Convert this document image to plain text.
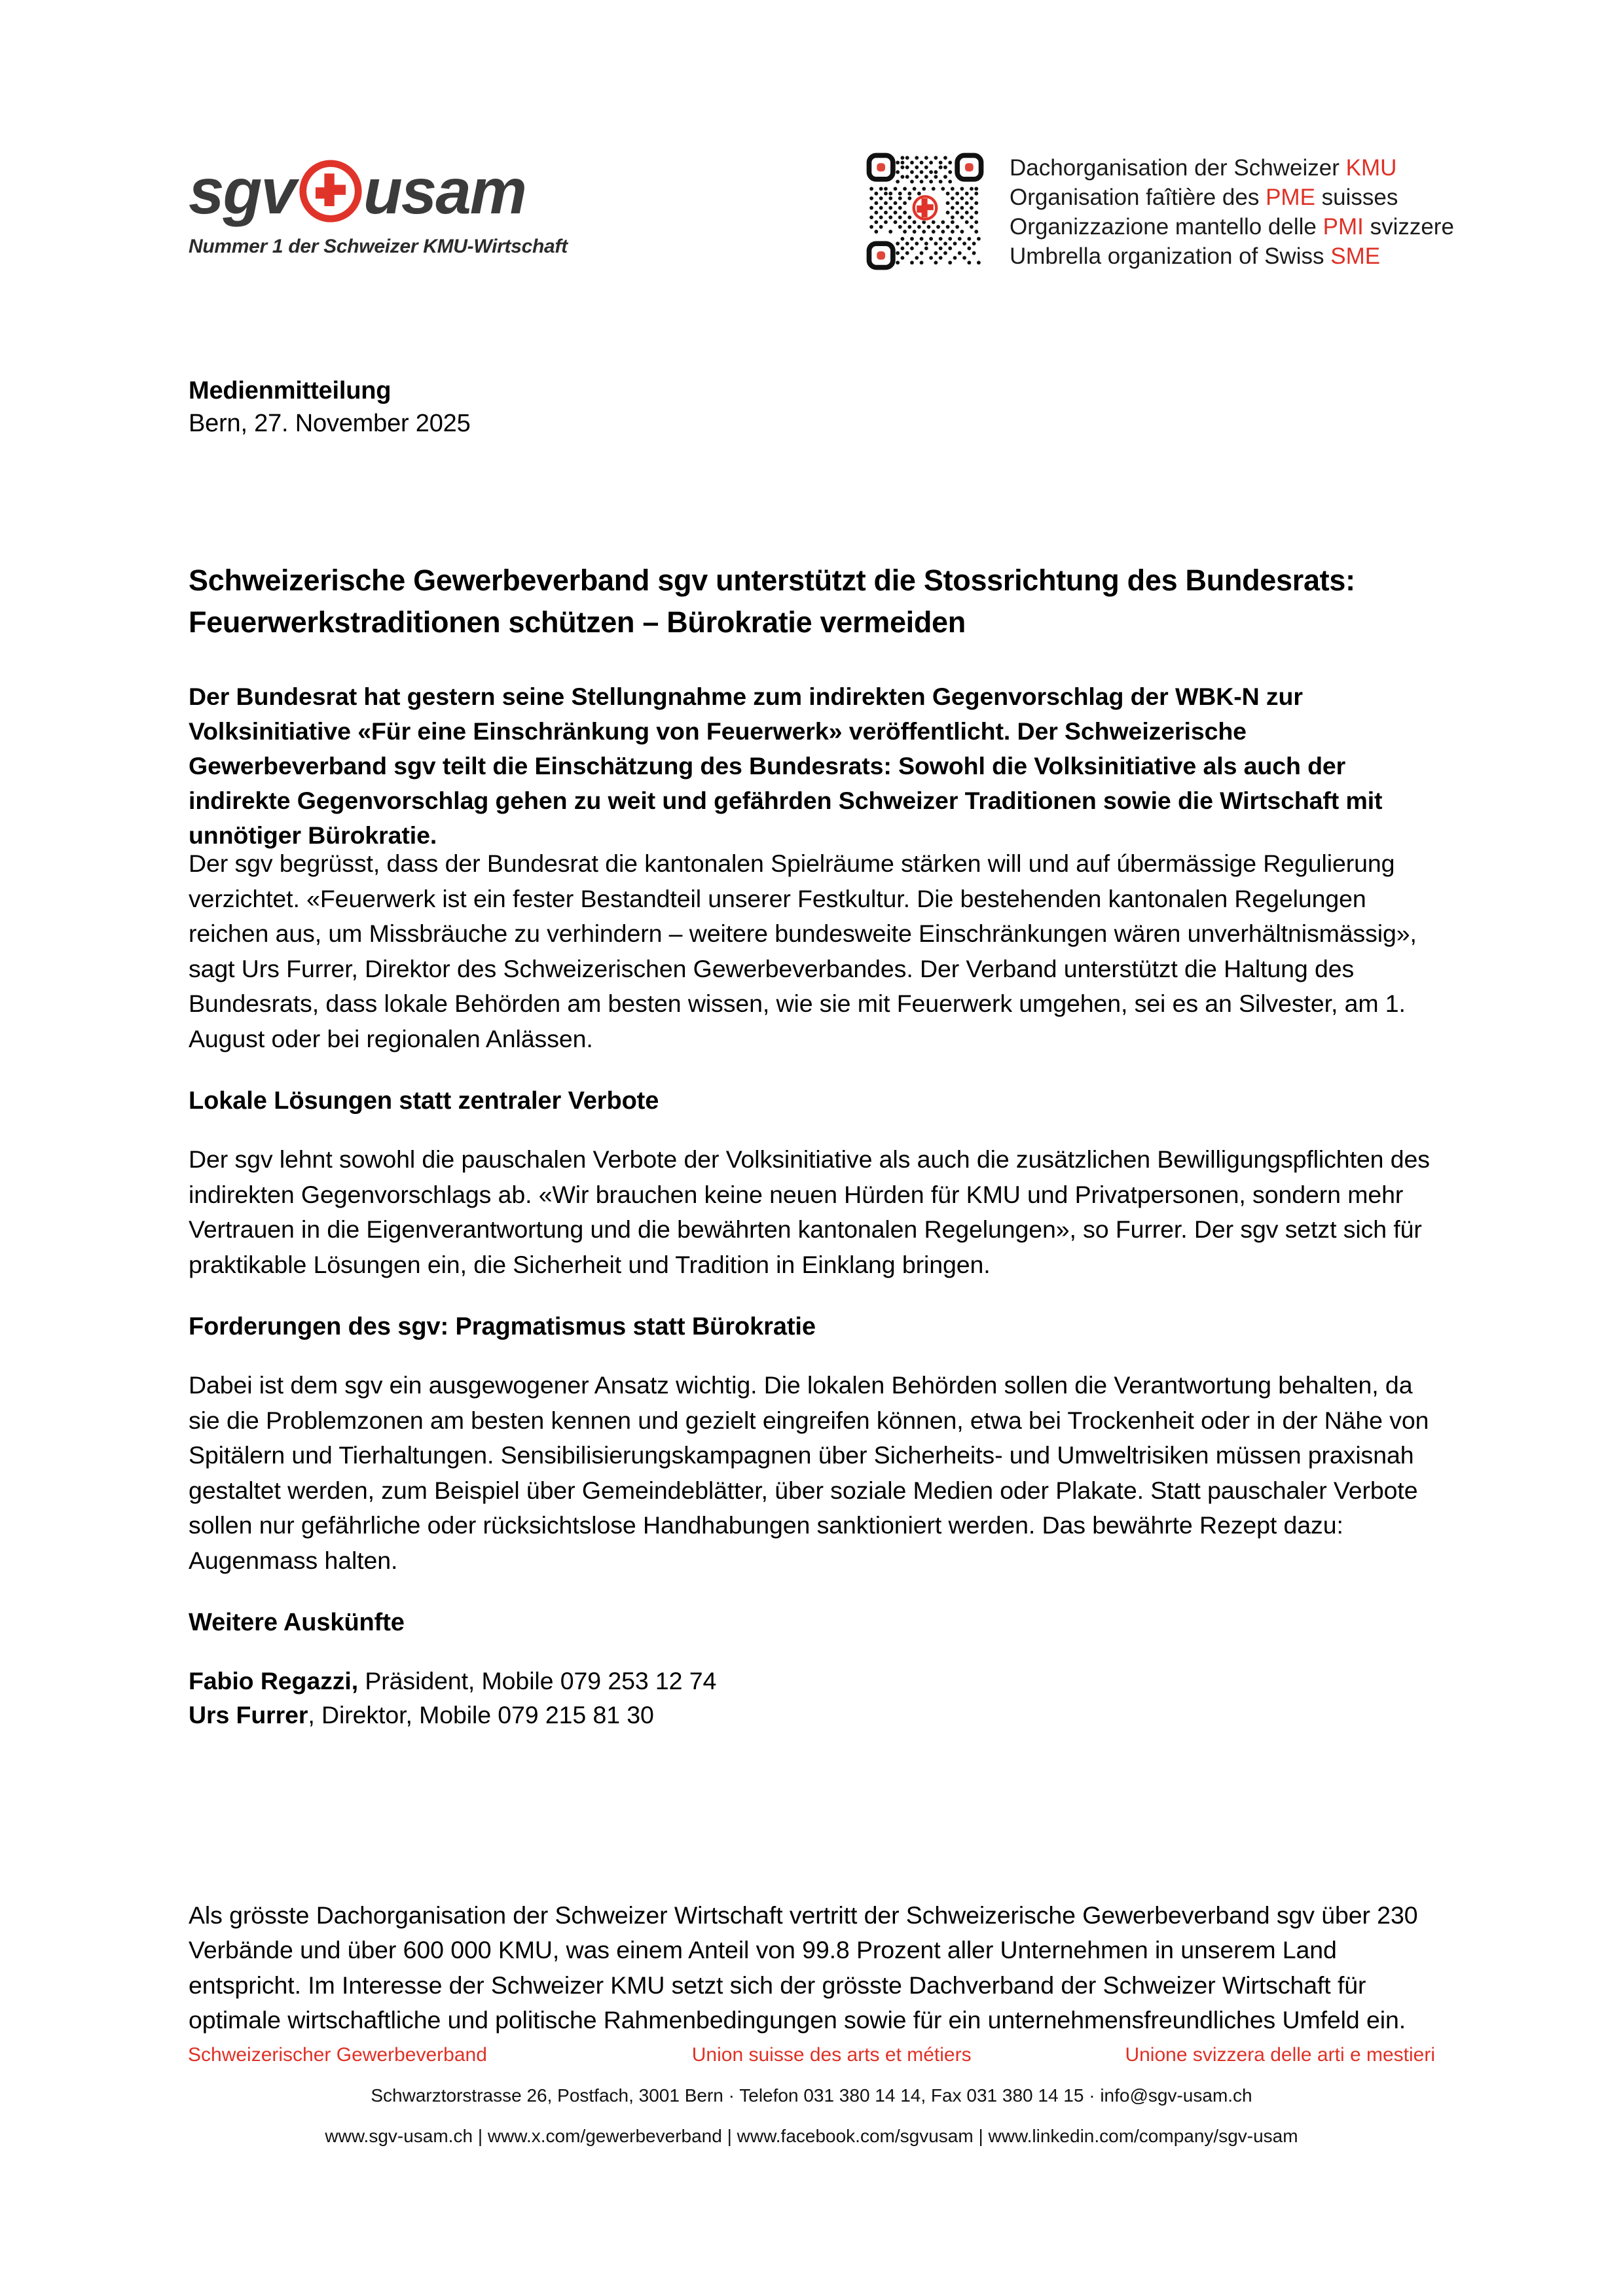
sgv usam
Nummer 1 der Schweizer KMU-Wirtschaft
Dachorganisation der Schweizer KMU
Organisation faîtière des PME suisses
Organizzazione mantello delle PMI svizzere
Umbrella organization of Swiss SME
Medienmitteilung
Bern, 27. November 2025
Schweizerische Gewerbeverband sgv unterstützt die Stossrichtung des Bundesrats: Feuerwerkstraditionen schützen – Bürokratie vermeiden

Der Bundesrat hat gestern seine Stellungnahme zum indirekten Gegenvorschlag der WBK-N zur Volksinitiative «Für eine Einschränkung von Feuerwerk» veröffentlicht. Der Schweizerische Gewerbeverband sgv teilt die Einschätzung des Bundesrats: Sowohl die Volksinitiative als auch der indirekte Gegenvorschlag gehen zu weit und gefährden Schweizer Traditionen sowie die Wirtschaft mit unnötiger Bürokratie.

Der sgv begrüsst, dass der Bundesrat die kantonalen Spielräume stärken will und auf úbermässige Regulierung verzichtet. «Feuerwerk ist ein fester Bestandteil unserer Festkultur. Die bestehenden kantonalen Regelungen reichen aus, um Missbräuche zu verhindern – weitere bundesweite Einschränkungen wären unverhältnismässig», sagt Urs Furrer, Direktor des Schweizerischen Gewerbeverbandes. Der Verband unterstützt die Haltung des Bundesrats, dass lokale Behörden am besten wissen, wie sie mit Feuerwerk umgehen, sei es an Silvester, am 1. August oder bei regionalen Anlässen.

Lokale Lösungen statt zentraler Verbote

Der sgv lehnt sowohl die pauschalen Verbote der Volksinitiative als auch die zusätzlichen Bewilligungspflichten des indirekten Gegenvorschlags ab. «Wir brauchen keine neuen Hürden für KMU und Privatpersonen, sondern mehr Vertrauen in die Eigenverantwortung und die bewährten kantonalen Regelungen», so Furrer. Der sgv setzt sich für praktikable Lösungen ein, die Sicherheit und Tradition in Einklang bringen.

Forderungen des sgv: Pragmatismus statt Bürokratie

Dabei ist dem sgv ein ausgewogener Ansatz wichtig. Die lokalen Behörden sollen die Verantwortung behalten, da sie die Problemzonen am besten kennen und gezielt eingreifen können, etwa bei Trockenheit oder in der Nähe von Spitälern und Tierhaltungen. Sensibilisierungskampagnen über Sicherheits- und Umweltrisiken müssen praxisnah gestaltet werden, zum Beispiel über Gemeindeblätter, über soziale Medien oder Plakate. Statt pauschaler Verbote sollen nur gefährliche oder rücksichtslose Handhabungen sanktioniert werden. Das bewährte Rezept dazu: Augenmass halten.

Weitere Auskünfte

Fabio Regazzi, Präsident, Mobile 079 253 12 74

Urs Furrer, Direktor, Mobile 079 215 81 30

Als grösste Dachorganisation der Schweizer Wirtschaft vertritt der Schweizerische Gewerbeverband sgv über 230 Verbände und über 600 000 KMU, was einem Anteil von 99.8 Prozent aller Unternehmen in unserem Land entspricht. Im Interesse der Schweizer KMU setzt sich der grösste Dachverband der Schweizer Wirtschaft für optimale wirtschaftliche und politische Rahmenbedingungen sowie für ein unternehmensfreundliches Umfeld ein.

Schweizerischer Gewerbeverband	Union suisse des arts et métiers	Unione svizzera delle arti e mestieri
Schwarztorstrasse 26, Postfach, 3001 Bern · Telefon 031 380 14 14, Fax 031 380 14 15 · info@sgv-usam.ch
www.sgv-usam.ch | www.x.com/gewerbeverband | www.facebook.com/sgvusam | www.linkedin.com/company/sgv-usam
